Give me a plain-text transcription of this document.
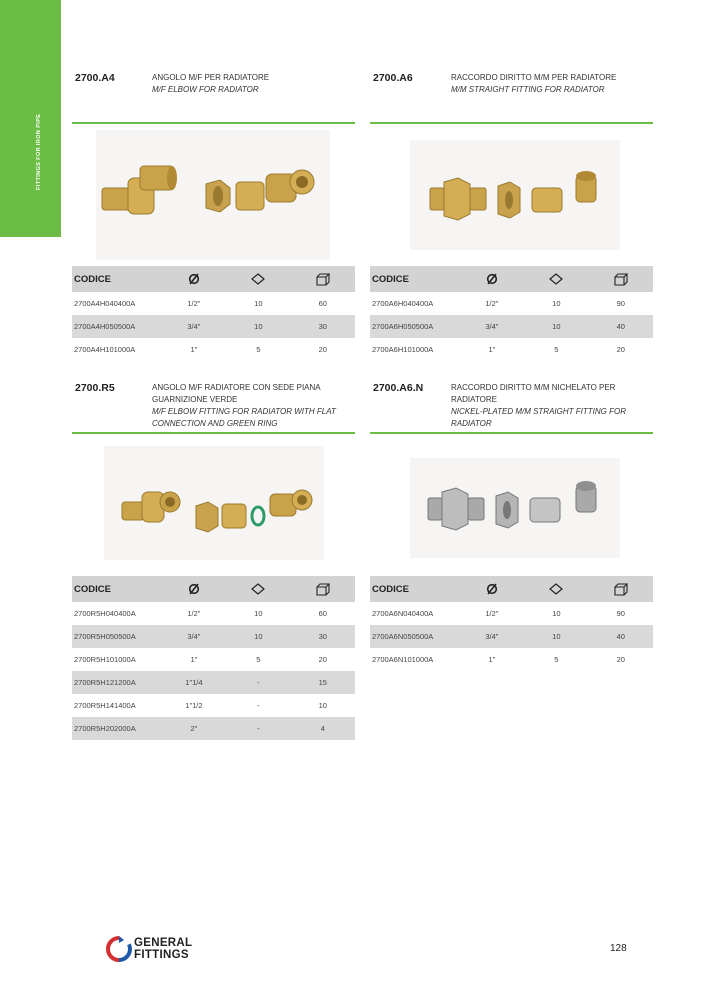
FITTINGS FOR IRON PIPE
2700.A4	ANGOLO M/F PER RADIATORE
M/F ELBOW FOR RADIATOR
CODICE			
2700A4H040400A	1/2"	10	60
2700A4H050500A	3/4"	10	30
2700A4H101000A	1"	5	20
2700.A6	RACCORDO DIRITTO M/M PER RADIATORE
M/M STRAIGHT FITTING FOR RADIATOR
CODICE			
2700A6H040400A	1/2"	10	90
2700A6H050500A	3/4"	10	40
2700A6H101000A	1"	5	20
2700.R5	ANGOLO M/F RADIATORE CON SEDE PIANA GUARNIZIONE VERDE
M/F ELBOW FITTING FOR RADIATOR WITH FLAT CONNECTION AND GREEN RING
CODICE			
2700R5H040400A	1/2"	10	60
2700R5H050500A	3/4"	10	30
2700R5H101000A	1"	5	20
2700R5H121200A	1"1/4	-	15
2700R5H141400A	1"1/2	-	10
2700R5H202000A	2"	-	4
2700.A6.N	RACCORDO DIRITTO M/M NICHELATO PER RADIATORE
NICKEL-PLATED M/M STRAIGHT FITTING FOR RADIATOR
CODICE			
2700A6N040400A	1/2"	10	90
2700A6N050500A	3/4"	10	40
2700A6N101000A	1"	5	20
GENERAL
FITTINGS	128
